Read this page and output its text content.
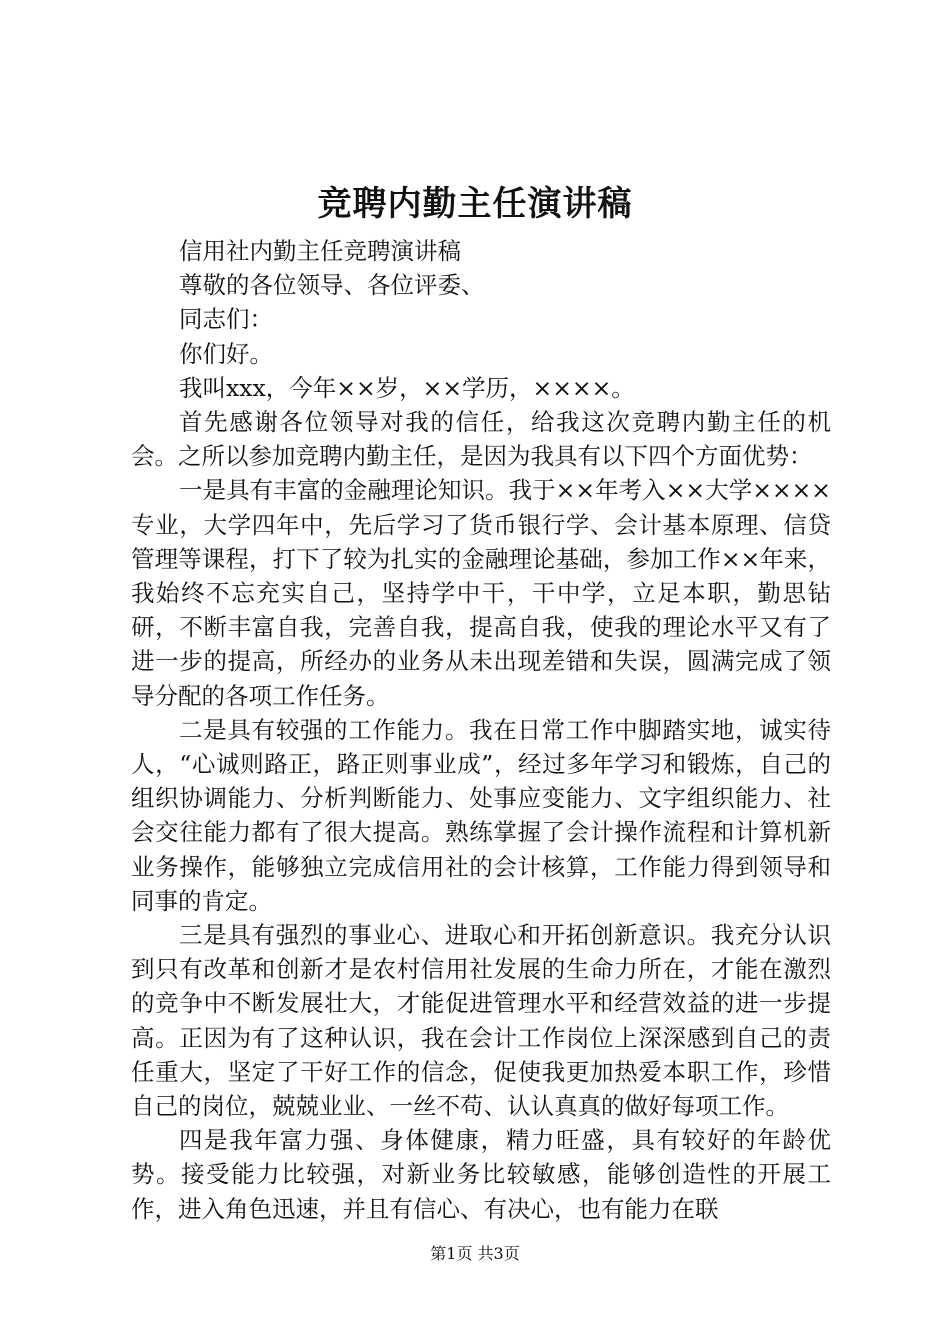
竞聘内勤主任演讲稿

信用社内勤主任竞聘演讲稿

尊敬的各位领导、各位评委、

同志们：

你们好。

我叫xxx，今年××岁，××学历，××××。

首先感谢各位领导对我的信任，给我这次竞聘内勤主任的机会。之所以参加竞聘内勤主任，是因为我具有以下四个方面优势：

一是具有丰富的金融理论知识。我于××年考入××大学××××专业，大学四年中，先后学习了货币银行学、会计基本原理、信贷管理等课程，打下了较为扎实的金融理论基础，参加工作××年来，我始终不忘充实自己，坚持学中干，干中学，立足本职，勤思钻研，不断丰富自我，完善自我，提高自我，使我的理论水平又有了进一步的提高，所经办的业务从未出现差错和失误，圆满完成了领导分配的各项工作任务。

二是具有较强的工作能力。我在日常工作中脚踏实地，诚实待人，“心诚则路正，路正则事业成”，经过多年学习和锻炼，自己的组织协调能力、分析判断能力、处事应变能力、文字组织能力、社会交往能力都有了很大提高。熟练掌握了会计操作流程和计算机新业务操作，能够独立完成信用社的会计核算，工作能力得到领导和同事的肯定。

三是具有强烈的事业心、进取心和开拓创新意识。我充分认识到只有改革和创新才是农村信用社发展的生命力所在，才能在激烈的竞争中不断发展壮大，才能促进管理水平和经营效益的进一步提高。正因为有了这种认识，我在会计工作岗位上深深感到自己的责任重大，坚定了干好工作的信念，促使我更加热爱本职工作，珍惜自己的岗位，兢兢业业、一丝不苟、认认真真的做好每项工作。

四是我年富力强、身体健康，精力旺盛，具有较好的年龄优势。接受能力比较强，对新业务比较敏感，能够创造性的开展工作，进入角色迅速，并且有信心、有决心，也有能力在联

第1页 共3页
